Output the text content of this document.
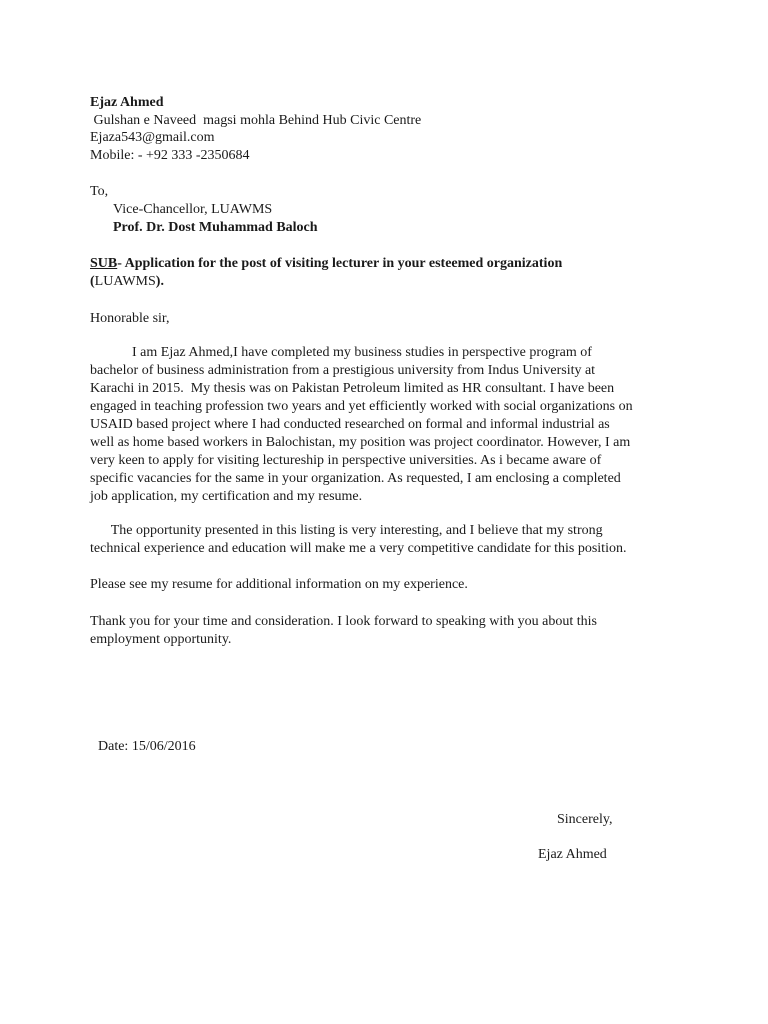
Ejaz Ahmed
Gulshan e Naveed  magsi mohla Behind Hub Civic Centre
Ejaza543@gmail.com
Mobile: - +92 333 -2350684
To,
Vice-Chancellor, LUAWMS
Prof. Dr. Dost Muhammad Baloch
SUB- Application for the post of visiting lecturer in your esteemed organization
(LUAWMS).
Honorable sir,
I am Ejaz Ahmed,I have completed my business studies in perspective program of
bachelor of business administration from a prestigious university from Indus University at
Karachi in 2015.  My thesis was on Pakistan Petroleum limited as HR consultant. I have been
engaged in teaching profession two years and yet efficiently worked with social organizations on
USAID based project where I had conducted researched on formal and informal industrial as
well as home based workers in Balochistan, my position was project coordinator. However, I am
very keen to apply for visiting lectureship in perspective universities. As i became aware of
specific vacancies for the same in your organization. As requested, I am enclosing a completed
job application, my certification and my resume.
The opportunity presented in this listing is very interesting, and I believe that my strong
technical experience and education will make me a very competitive candidate for this position.
Please see my resume for additional information on my experience.
Thank you for your time and consideration. I look forward to speaking with you about this
employment opportunity.
Date: 15/06/2016
Sincerely,
Ejaz Ahmed
